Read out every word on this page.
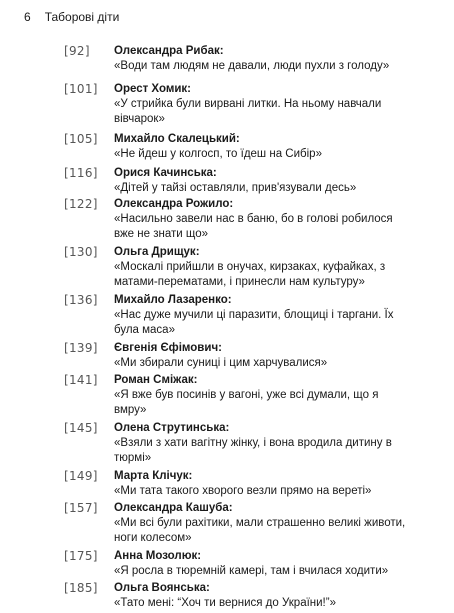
6 Таборові діти
[92]	Олександра Рибак:
«Води там людям не давали, люди пухли з голоду»
[101]	Орест Хомик:
«У стрийка були вирвані литки. На ньому навчали вівчарок»
[105]	Михайло Скалецький:
«Не йдеш у колгосп, то їдеш на Сибір»
[116]	Орися Качинська:
«Дітей у тайзі оставляли, прив'язували десь»
[122]	Олександра Рожило:
«Насильно завели нас в баню, бо в голові робилося вже не знати що»
[130]	Ольга Дрищук:
«Москалі прийшли в онучах, кирзаках, куфайках, з матами-перематами, і принесли нам культуру»
[136]	Михайло Лазаренко:
«Нас дуже мучили ці паразити, блощиці і таргани. Їх була маса»
[139]	Євгенія Єфімович:
«Ми збирали суниці і цим харчувалися»
[141]	Роман Сміжак:
«Я вже був посинів у вагоні, уже всі думали, що я вмру»
[145]	Олена Струтинська:
«Взяли з хати вагітну жінку, і вона вродила дитину в тюрмі»
[149]	Марта Клічук:
«Ми тата такого хворого везли прямо на вереті»
[157]	Олександра Кашуба:
«Ми всі були рахітики, мали страшенно великі животи, ноги колесом»
[175]	Анна Мозолюк:
«Я росла в тюремній камері, там і вчилася ходити»
[185]	Ольга Воянська:
«Тато мені: “Хоч ти вернися до України!”»
